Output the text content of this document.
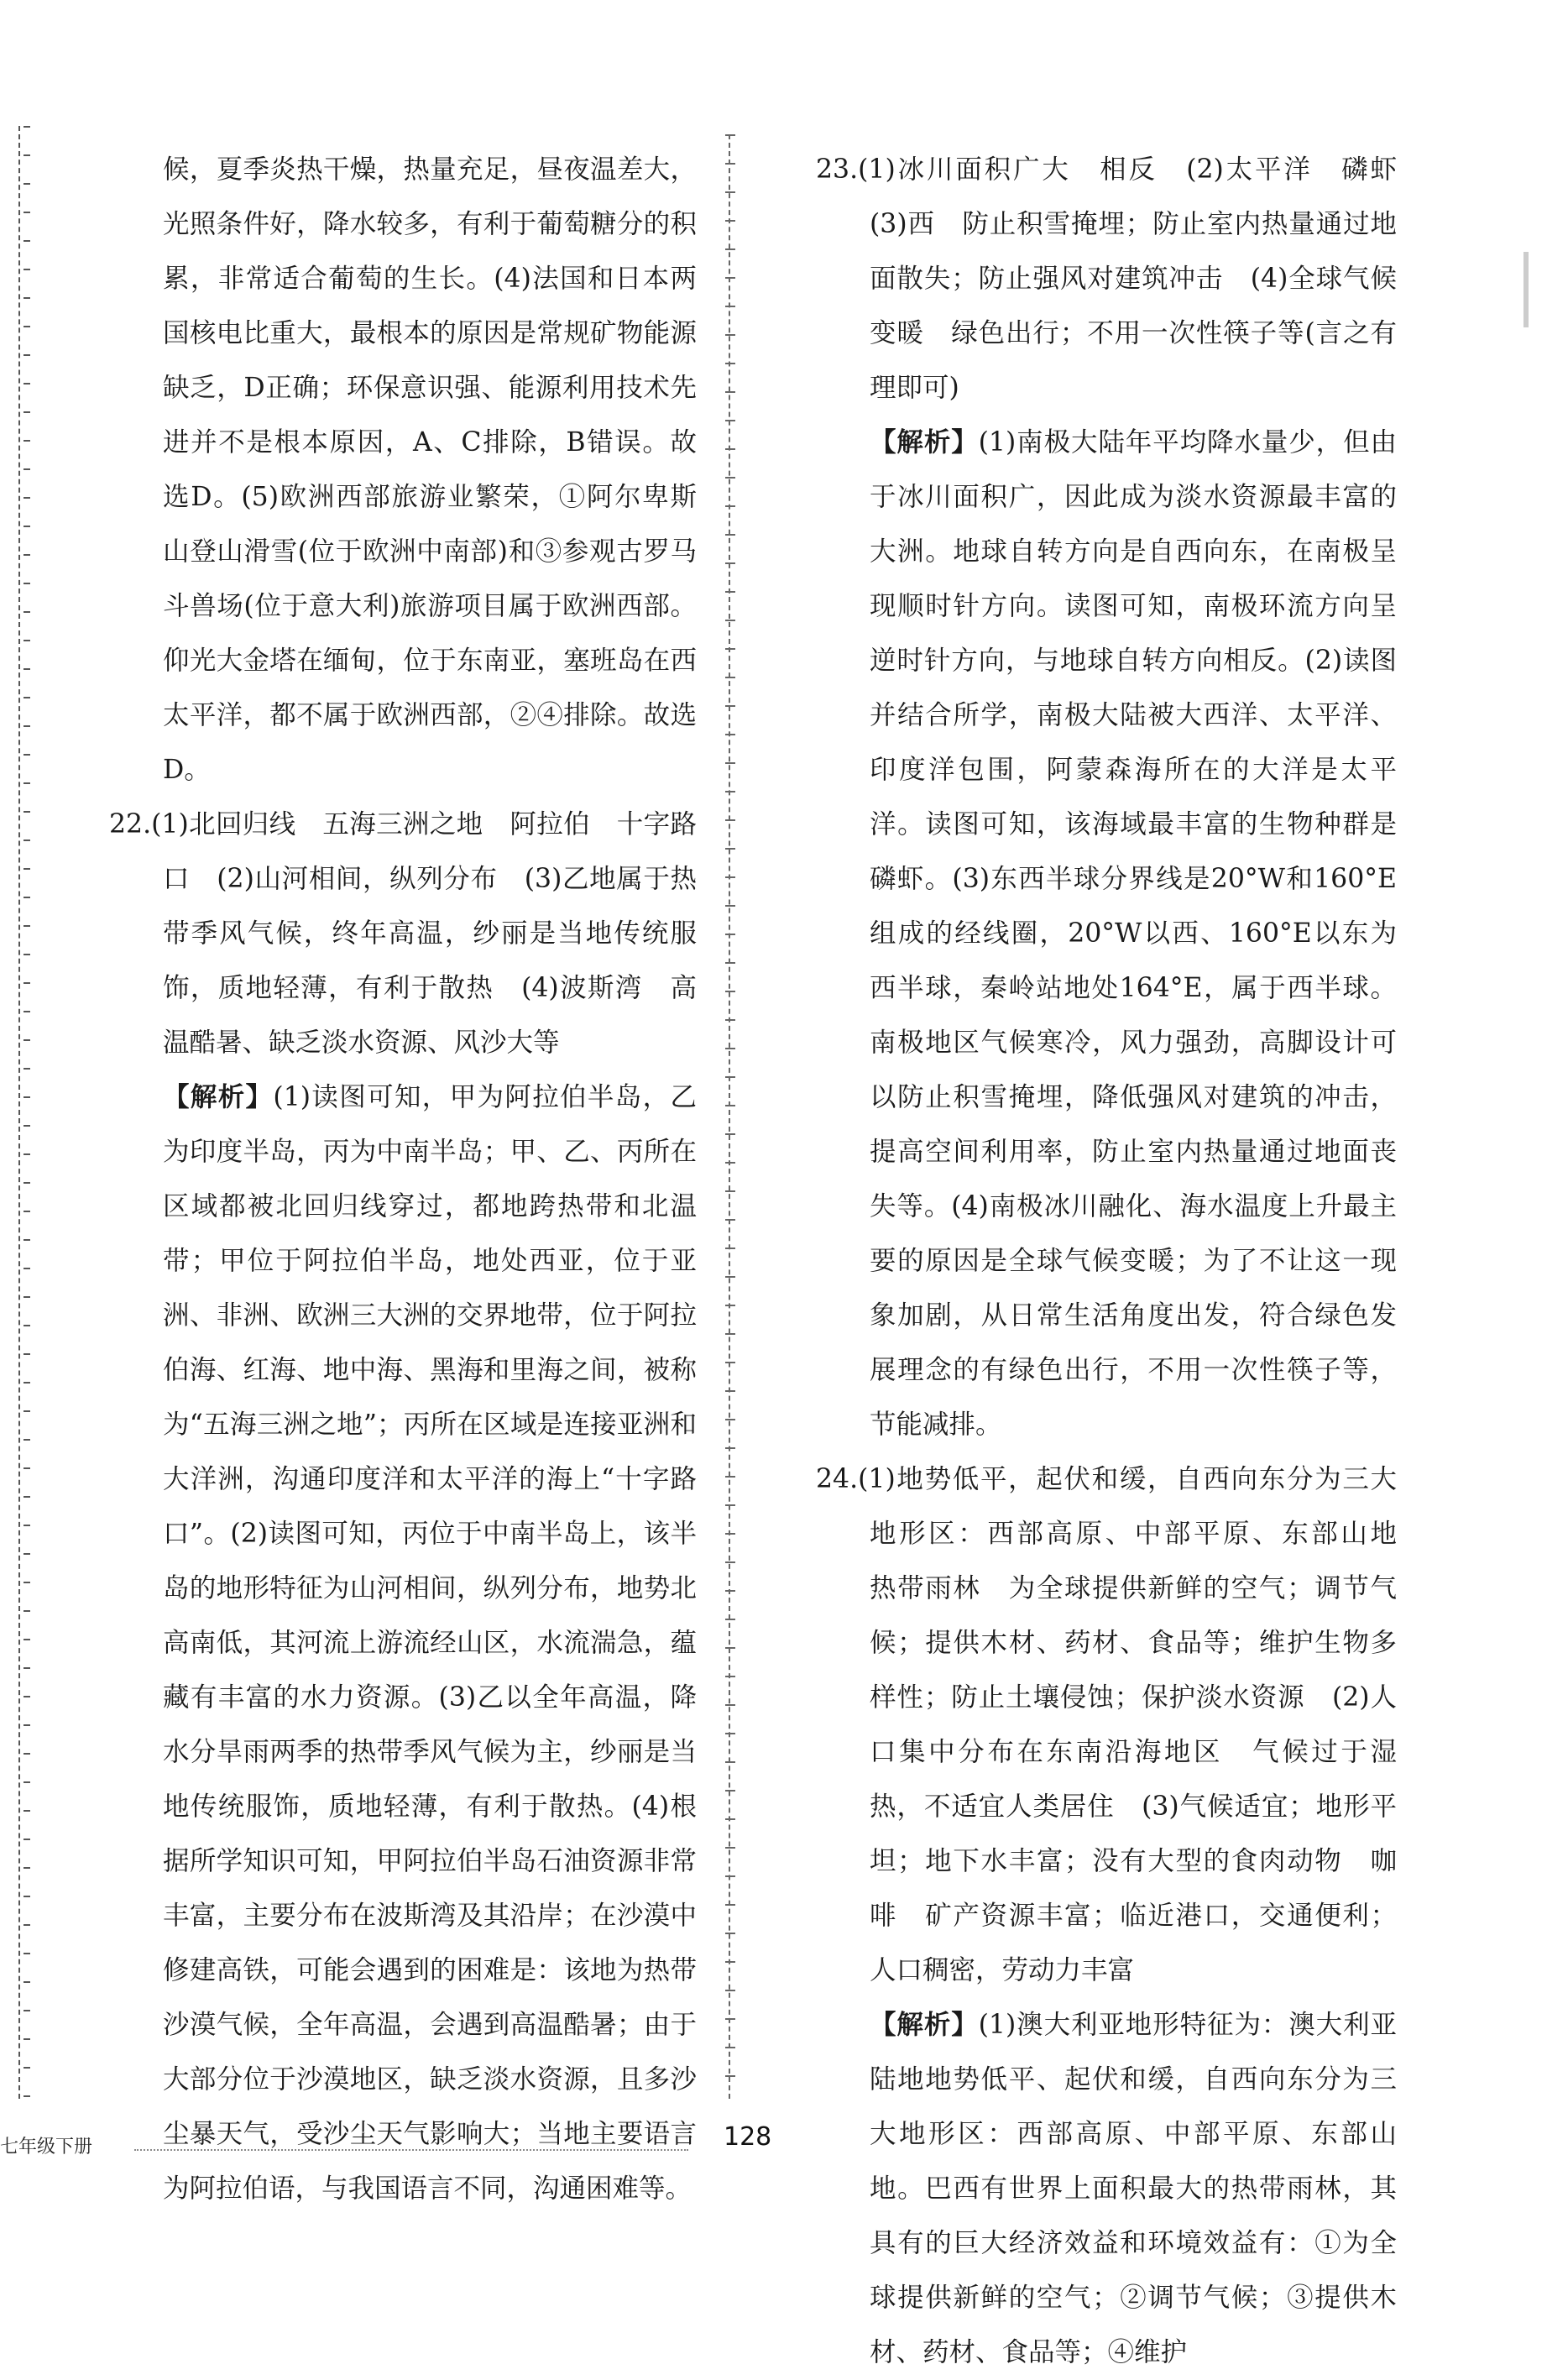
候，夏季炎热干燥，热量充足，昼夜温差大，光照条件好，降水较多，有利于葡萄糖分的积累，非常适合葡萄的生长。(4)法国和日本两国核电比重大，最根本的原因是常规矿物能源缺乏，D正确；环保意识强、能源利用技术先进并不是根本原因，A、C排除，B错误。故选D。(5)欧洲西部旅游业繁荣，①阿尔卑斯山登山滑雪(位于欧洲中南部)和③参观古罗马斗兽场(位于意大利)旅游项目属于欧洲西部。仰光大金塔在缅甸，位于东南亚，塞班岛在西太平洋，都不属于欧洲西部，②④排除。故选D。
22.(1)北回归线　五海三洲之地　阿拉伯　十字路口　(2)山河相间，纵列分布　(3)乙地属于热带季风气候，终年高温，纱丽是当地传统服饰，质地轻薄，有利于散热　(4)波斯湾　高温酷暑、缺乏淡水资源、风沙大等
【解析】(1)读图可知，甲为阿拉伯半岛，乙为印度半岛，丙为中南半岛；甲、乙、丙所在区域都被北回归线穿过，都地跨热带和北温带；甲位于阿拉伯半岛，地处西亚，位于亚洲、非洲、欧洲三大洲的交界地带，位于阿拉伯海、红海、地中海、黑海和里海之间，被称为“五海三洲之地”；丙所在区域是连接亚洲和大洋洲，沟通印度洋和太平洋的海上“十字路口”。(2)读图可知，丙位于中南半岛上，该半岛的地形特征为山河相间，纵列分布，地势北高南低，其河流上游流经山区，水流湍急，蕴藏有丰富的水力资源。(3)乙以全年高温，降水分旱雨两季的热带季风气候为主，纱丽是当地传统服饰，质地轻薄，有利于散热。(4)根据所学知识可知，甲阿拉伯半岛石油资源非常丰富，主要分布在波斯湾及其沿岸；在沙漠中修建高铁，可能会遇到的困难是：该地为热带沙漠气候，全年高温，会遇到高温酷暑；由于大部分位于沙漠地区，缺乏淡水资源，且多沙尘暴天气，受沙尘天气影响大；当地主要语言为阿拉伯语，与我国语言不同，沟通困难等。
23.(1)冰川面积广大　相反　(2)太平洋　磷虾　(3)西　防止积雪掩埋；防止室内热量通过地面散失；防止强风对建筑冲击　(4)全球气候变暖　绿色出行；不用一次性筷子等(言之有理即可)
【解析】(1)南极大陆年平均降水量少，但由于冰川面积广，因此成为淡水资源最丰富的大洲。地球自转方向是自西向东，在南极呈现顺时针方向。读图可知，南极环流方向呈逆时针方向，与地球自转方向相反。(2)读图并结合所学，南极大陆被大西洋、太平洋、印度洋包围，阿蒙森海所在的大洋是太平洋。读图可知，该海域最丰富的生物种群是磷虾。(3)东西半球分界线是20°W和160°E组成的经线圈，20°W以西、160°E以东为西半球，秦岭站地处164°E，属于西半球。南极地区气候寒冷，风力强劲，高脚设计可以防止积雪掩埋，降低强风对建筑的冲击，提高空间利用率，防止室内热量通过地面丧失等。(4)南极冰川融化、海水温度上升最主要的原因是全球气候变暖；为了不让这一现象加剧，从日常生活角度出发，符合绿色发展理念的有绿色出行，不用一次性筷子等，节能减排。
24.(1)地势低平，起伏和缓，自西向东分为三大地形区：西部高原、中部平原、东部山地　热带雨林　为全球提供新鲜的空气；调节气候；提供木材、药材、食品等；维护生物多样性；防止土壤侵蚀；保护淡水资源　(2)人口集中分布在东南沿海地区　气候过于湿热，不适宜人类居住　(3)气候适宜；地形平坦；地下水丰富；没有大型的食肉动物　咖啡　矿产资源丰富；临近港口，交通便利；人口稠密，劳动力丰富
【解析】(1)澳大利亚地形特征为：澳大利亚陆地地势低平、起伏和缓，自西向东分为三大地形区：西部高原、中部平原、东部山地。巴西有世界上面积最大的热带雨林，其具有的巨大经济效益和环境效益有：①为全球提供新鲜的空气；②调节气候；③提供木材、药材、食品等；④维护
七年级下册	128
